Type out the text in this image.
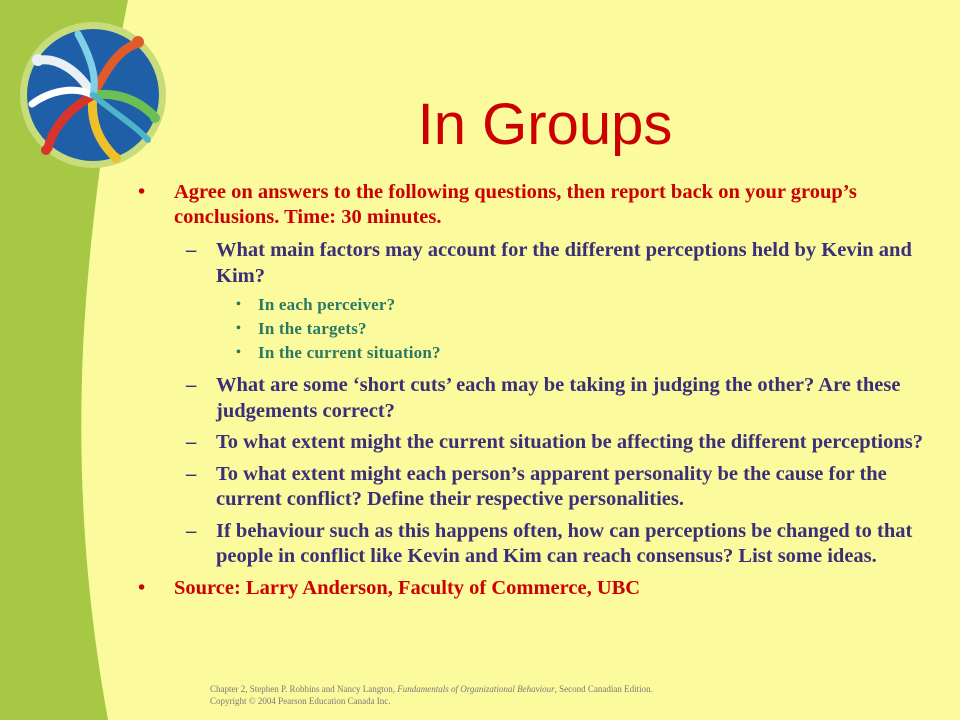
In Groups
• Agree on answers to the following questions, then report back on your group’s conclusions. Time: 30 minutes.
– What main factors may account for the different perceptions held by Kevin and Kim?
• In each perceiver?
• In the targets?
• In the current situation?
– What are some ‘short cuts’ each may be taking in judging the other? Are these judgements correct?
– To what extent might the current situation be affecting the different perceptions?
– To what extent might each person’s apparent personality be the cause for the current conflict? Define their respective personalities.
– If behaviour such as this happens often, how can perceptions be changed to that people in conflict like Kevin and Kim can reach consensus? List some ideas.
• Source: Larry Anderson, Faculty of Commerce, UBC
Chapter 2, Stephen P. Robbins and Nancy Langton, Fundamentals of Organizational Behaviour, Second Canadian Edition.
Copyright © 2004 Pearson Education Canada Inc.
